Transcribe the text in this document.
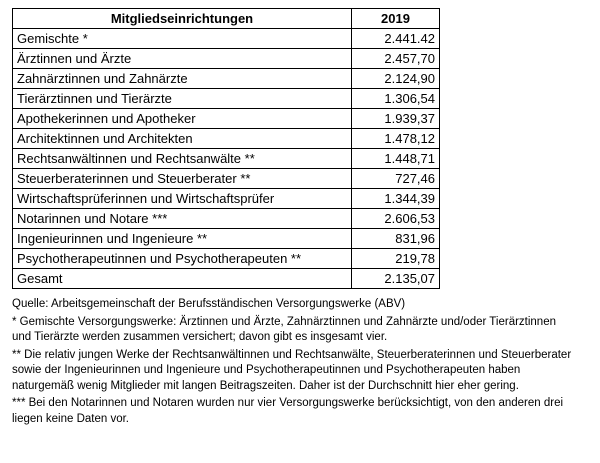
Mitgliedseinrichtungen	2019
Gemischte *	2.441.42
Ärztinnen und Ärzte	2.457,70
Zahnärztinnen und Zahnärzte	2.124,90
Tierärztinnen und Tierärzte	1.306,54
Apothekerinnen und Apotheker	1.939,37
Architektinnen und Architekten	1.478,12
Rechtsanwältinnen und Rechtsanwälte **	1.448,71
Steuerberaterinnen und Steuerberater **	727,46
Wirtschaftsprüferinnen und Wirtschaftsprüfer	1.344,39
Notarinnen und Notare ***	2.606,53
Ingenieurinnen und Ingenieure **	831,96
Psychotherapeutinnen und Psychotherapeuten **	219,78
Gesamt	2.135,07

Quelle: Arbeitsgemeinschaft der Berufsständischen Versorgungswerke (ABV)

* Gemischte Versorgungswerke: Ärztinnen und Ärzte, Zahnärztinnen und Zahnärzte und/oder Tierärztinnen und Tierärzte werden zusammen versichert; davon gibt es insgesamt vier.

** Die relativ jungen Werke der Rechtsanwältinnen und Rechtsanwälte, Steuerberaterinnen und Steuerberater sowie der Ingenieurinnen und Ingenieure und Psychotherapeutinnen und Psychotherapeuten haben naturgemäß wenig Mitglieder mit langen Beitragszeiten. Daher ist der Durchschnitt hier eher gering.

*** Bei den Notarinnen und Notaren wurden nur vier Versorgungswerke berücksichtigt, von den anderen drei liegen keine Daten vor.
